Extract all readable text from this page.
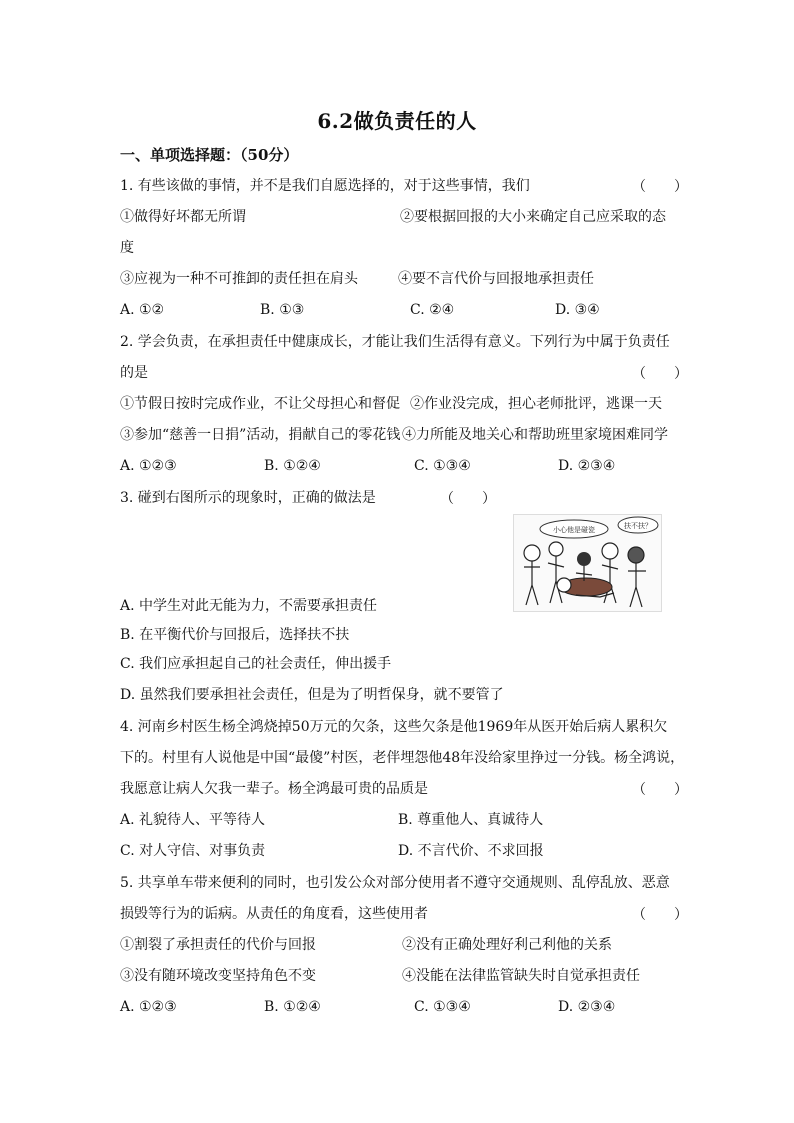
6.2做负责任的人
一、单项选择题：（50分）
1. 有些该做的事情，并不是我们自愿选择的，对于这些事情，我们	（　　）
①做得好坏都无所谓	②要根据回报的大小来确定自己应采取的态
度
③应视为一种不可推卸的责任担在肩头	④要不言代价与回报地承担责任
A. ①②	B. ①③	C. ②④	D. ③④
2. 学会负责，在承担责任中健康成长，才能让我们生活得有意义。下列行为中属于负责任
的是	（　　）
①节假日按时完成作业，不让父母担心和督促 ②作业没完成，担心老师批评，逃课一天
③参加“慈善一日捐”活动，捐献自己的零花钱 ④力所能及地关心和帮助班里家境困难同学
A. ①②③	B. ①②④	C. ①③④	D. ②③④
3. 碰到右图所示的现象时，正确的做法是	（　　）
小心他是碰瓷	扶不扶？
A. 中学生对此无能为力，不需要承担责任
B. 在平衡代价与回报后，选择扶不扶
C. 我们应承担起自己的社会责任，伸出援手
D. 虽然我们要承担社会责任，但是为了明哲保身，就不要管了
4. 河南乡村医生杨全鸿烧掉50万元的欠条，这些欠条是他1969年从医开始后病人累积欠
下的。村里有人说他是中国“最傻”村医，老伴埋怨他48年没给家里挣过一分钱。杨全鸿说，
我愿意让病人欠我一辈子。杨全鸿最可贵的品质是	（　　）
A. 礼貌待人、平等待人	B. 尊重他人、真诚待人
C. 对人守信、对事负责	D. 不言代价、不求回报
5. 共享单车带来便利的同时，也引发公众对部分使用者不遵守交通规则、乱停乱放、恶意
损毁等行为的诟病。从责任的角度看，这些使用者	（　　）
①割裂了承担责任的代价与回报	②没有正确处理好利己利他的关系
③没有随环境改变坚持角色不变	④没能在法律监管缺失时自觉承担责任
A. ①②③	B. ①②④	C. ①③④	D. ②③④
